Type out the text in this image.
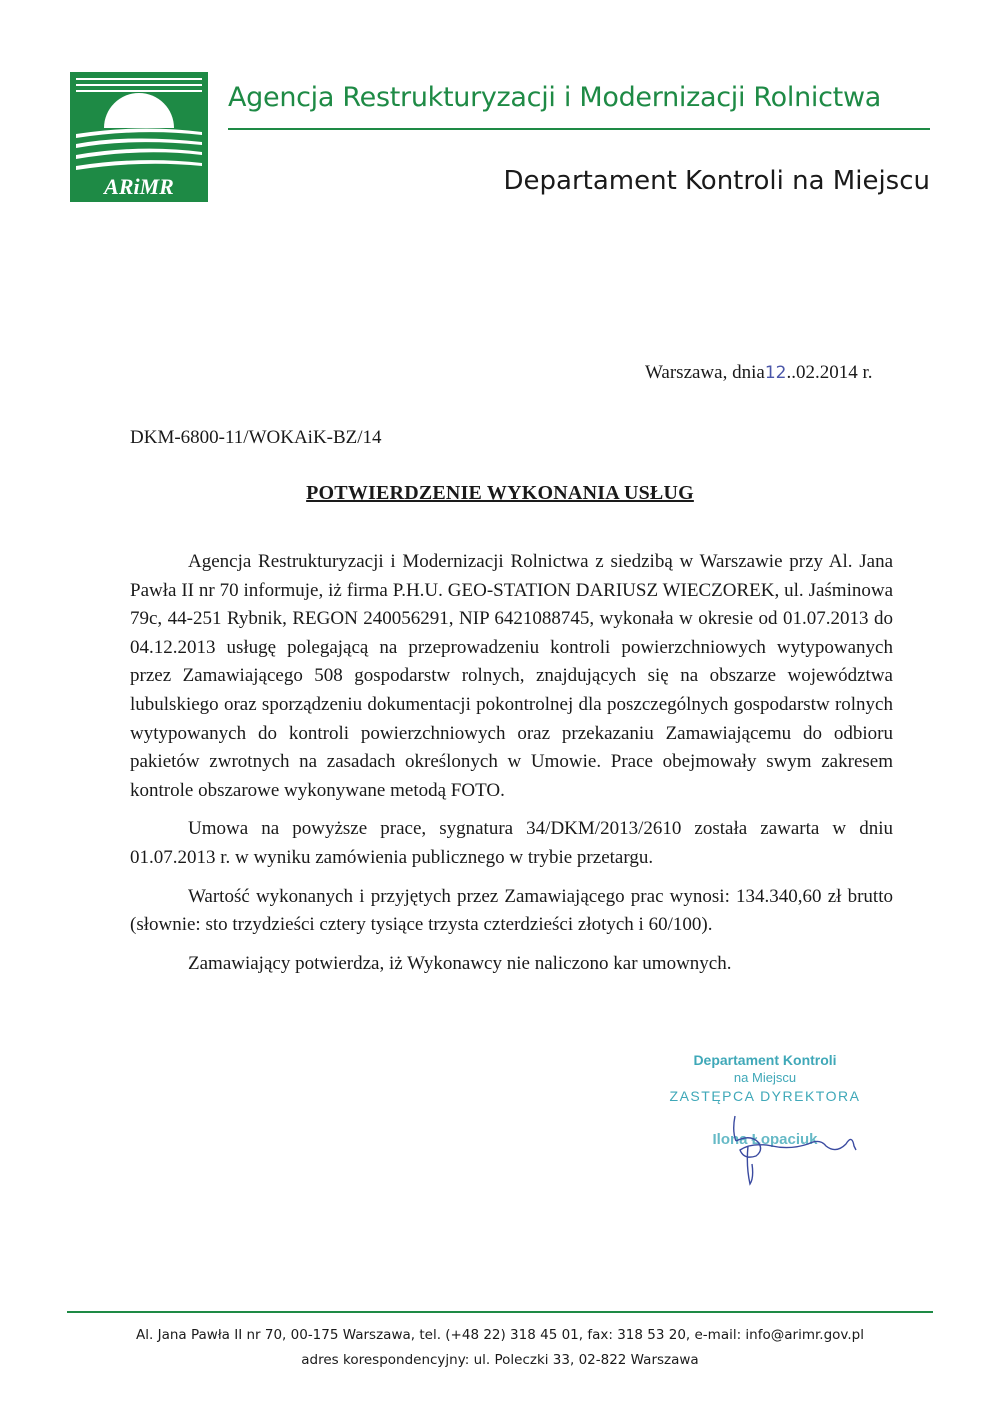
ARiMR
Agencja Restrukturyzacji i Modernizacji Rolnictwa
Departament Kontroli na Miejscu
Warszawa, dnia12..02.2014 r.
DKM-6800-11/WOKAiK-BZ/14
POTWIERDZENIE WYKONANIA USŁUG

Agencja Restrukturyzacji i Modernizacji Rolnictwa z siedzibą w Warszawie przy Al. Jana Pawła II nr 70 informuje, iż firma P.H.U. GEO-STATION DARIUSZ WIECZOREK, ul. Jaśminowa 79c, 44-251 Rybnik, REGON 240056291, NIP 6421088745, wykonała w okresie od 01.07.2013 do 04.12.2013 usługę polegającą na przeprowadzeniu kontroli powierzchniowych wytypowanych przez Zamawiającego 508 gospodarstw rolnych, znajdujących się na obszarze województwa lubulskiego oraz sporządzeniu dokumentacji pokontrolnej dla poszczególnych gospodarstw rolnych wytypowanych do kontroli powierzchniowych oraz przekazaniu Zamawiającemu do odbioru pakietów zwrotnych na zasadach określonych w Umowie. Prace obejmowały swym zakresem kontrole obszarowe wykonywane metodą FOTO.

Umowa na powyższe prace, sygnatura 34/DKM/2013/2610 została zawarta w dniu 01.07.2013 r. w wyniku zamówienia publicznego w trybie przetargu.

Wartość wykonanych i przyjętych przez Zamawiającego prac wynosi: 134.340,60 zł brutto (słownie: sto trzydzieści cztery tysiące trzysta czterdzieści złotych i 60/100).

Zamawiający potwierdza, iż Wykonawcy nie naliczono kar umownych.

Departament Kontroli
na Miejscu
ZASTĘPCA DYREKTORA
Ilona Łopaciuk
Al. Jana Pawła II nr 70, 00-175 Warszawa, tel. (+48 22) 318 45 01, fax: 318 53 20, e-mail: info@arimr.gov.pl
adres korespondencyjny: ul. Poleczki 33, 02-822 Warszawa
